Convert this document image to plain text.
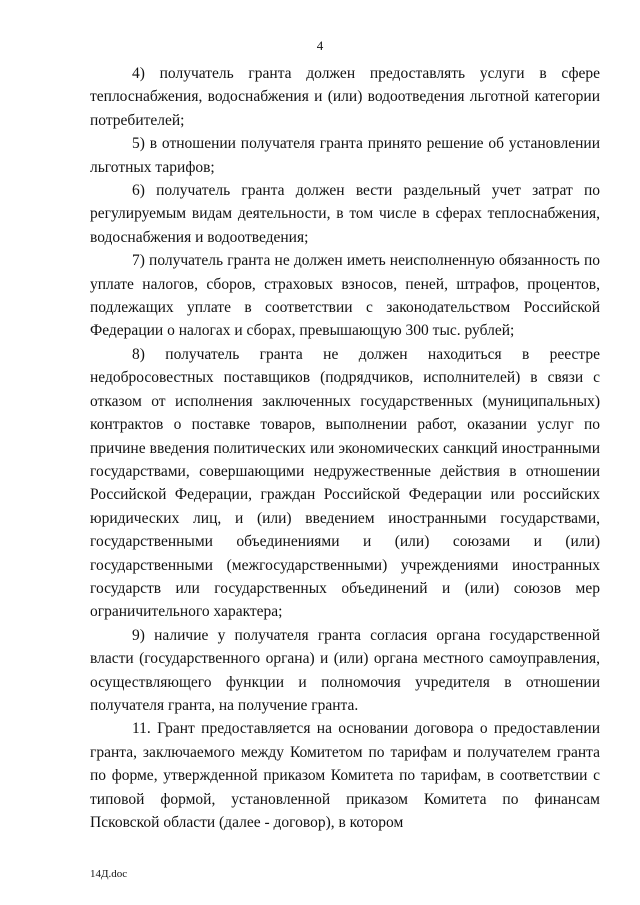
4

4) получатель гранта должен предоставлять услуги в сфере теплоснабжения, водоснабжения и (или) водоотведения льготной категории потребителей;

5) в отношении получателя гранта принято решение об установлении льготных тарифов;

6) получатель гранта должен вести раздельный учет затрат по регулируемым видам деятельности, в том числе в сферах теплоснабжения, водоснабжения и водоотведения;

7) получатель гранта не должен иметь неисполненную обязанность по уплате налогов, сборов, страховых взносов, пеней, штрафов, процентов, подлежащих уплате в соответствии с законодательством Российской Федерации о налогах и сборах, превышающую 300 тыс. рублей;

8) получатель гранта не должен находиться в реестре недобросовестных поставщиков (подрядчиков, исполнителей) в связи с отказом от исполнения заключенных государственных (муниципальных) контрактов о поставке товаров, выполнении работ, оказании услуг по причине введения политических или экономических санкций иностранными государствами, совершающими недружественные действия в отношении Российской Федерации, граждан Российской Федерации или российских юридических лиц, и (или) введением иностранными государствами, государственными объединениями и (или) союзами и (или) государственными (межгосударственными) учреждениями иностранных государств или государственных объединений и (или) союзов мер ограничительного характера;

9) наличие у получателя гранта согласия органа государственной власти (государственного органа) и (или) органа местного самоуправления, осуществляющего функции и полномочия учредителя в отношении получателя гранта, на получение гранта.

11. Грант предоставляется на основании договора о предоставлении гранта, заключаемого между Комитетом по тарифам и получателем гранта по форме, утвержденной приказом Комитета по тарифам, в соответствии с типовой формой, установленной приказом Комитета по финансам Псковской области (далее - договор), в котором

14Д.doc
